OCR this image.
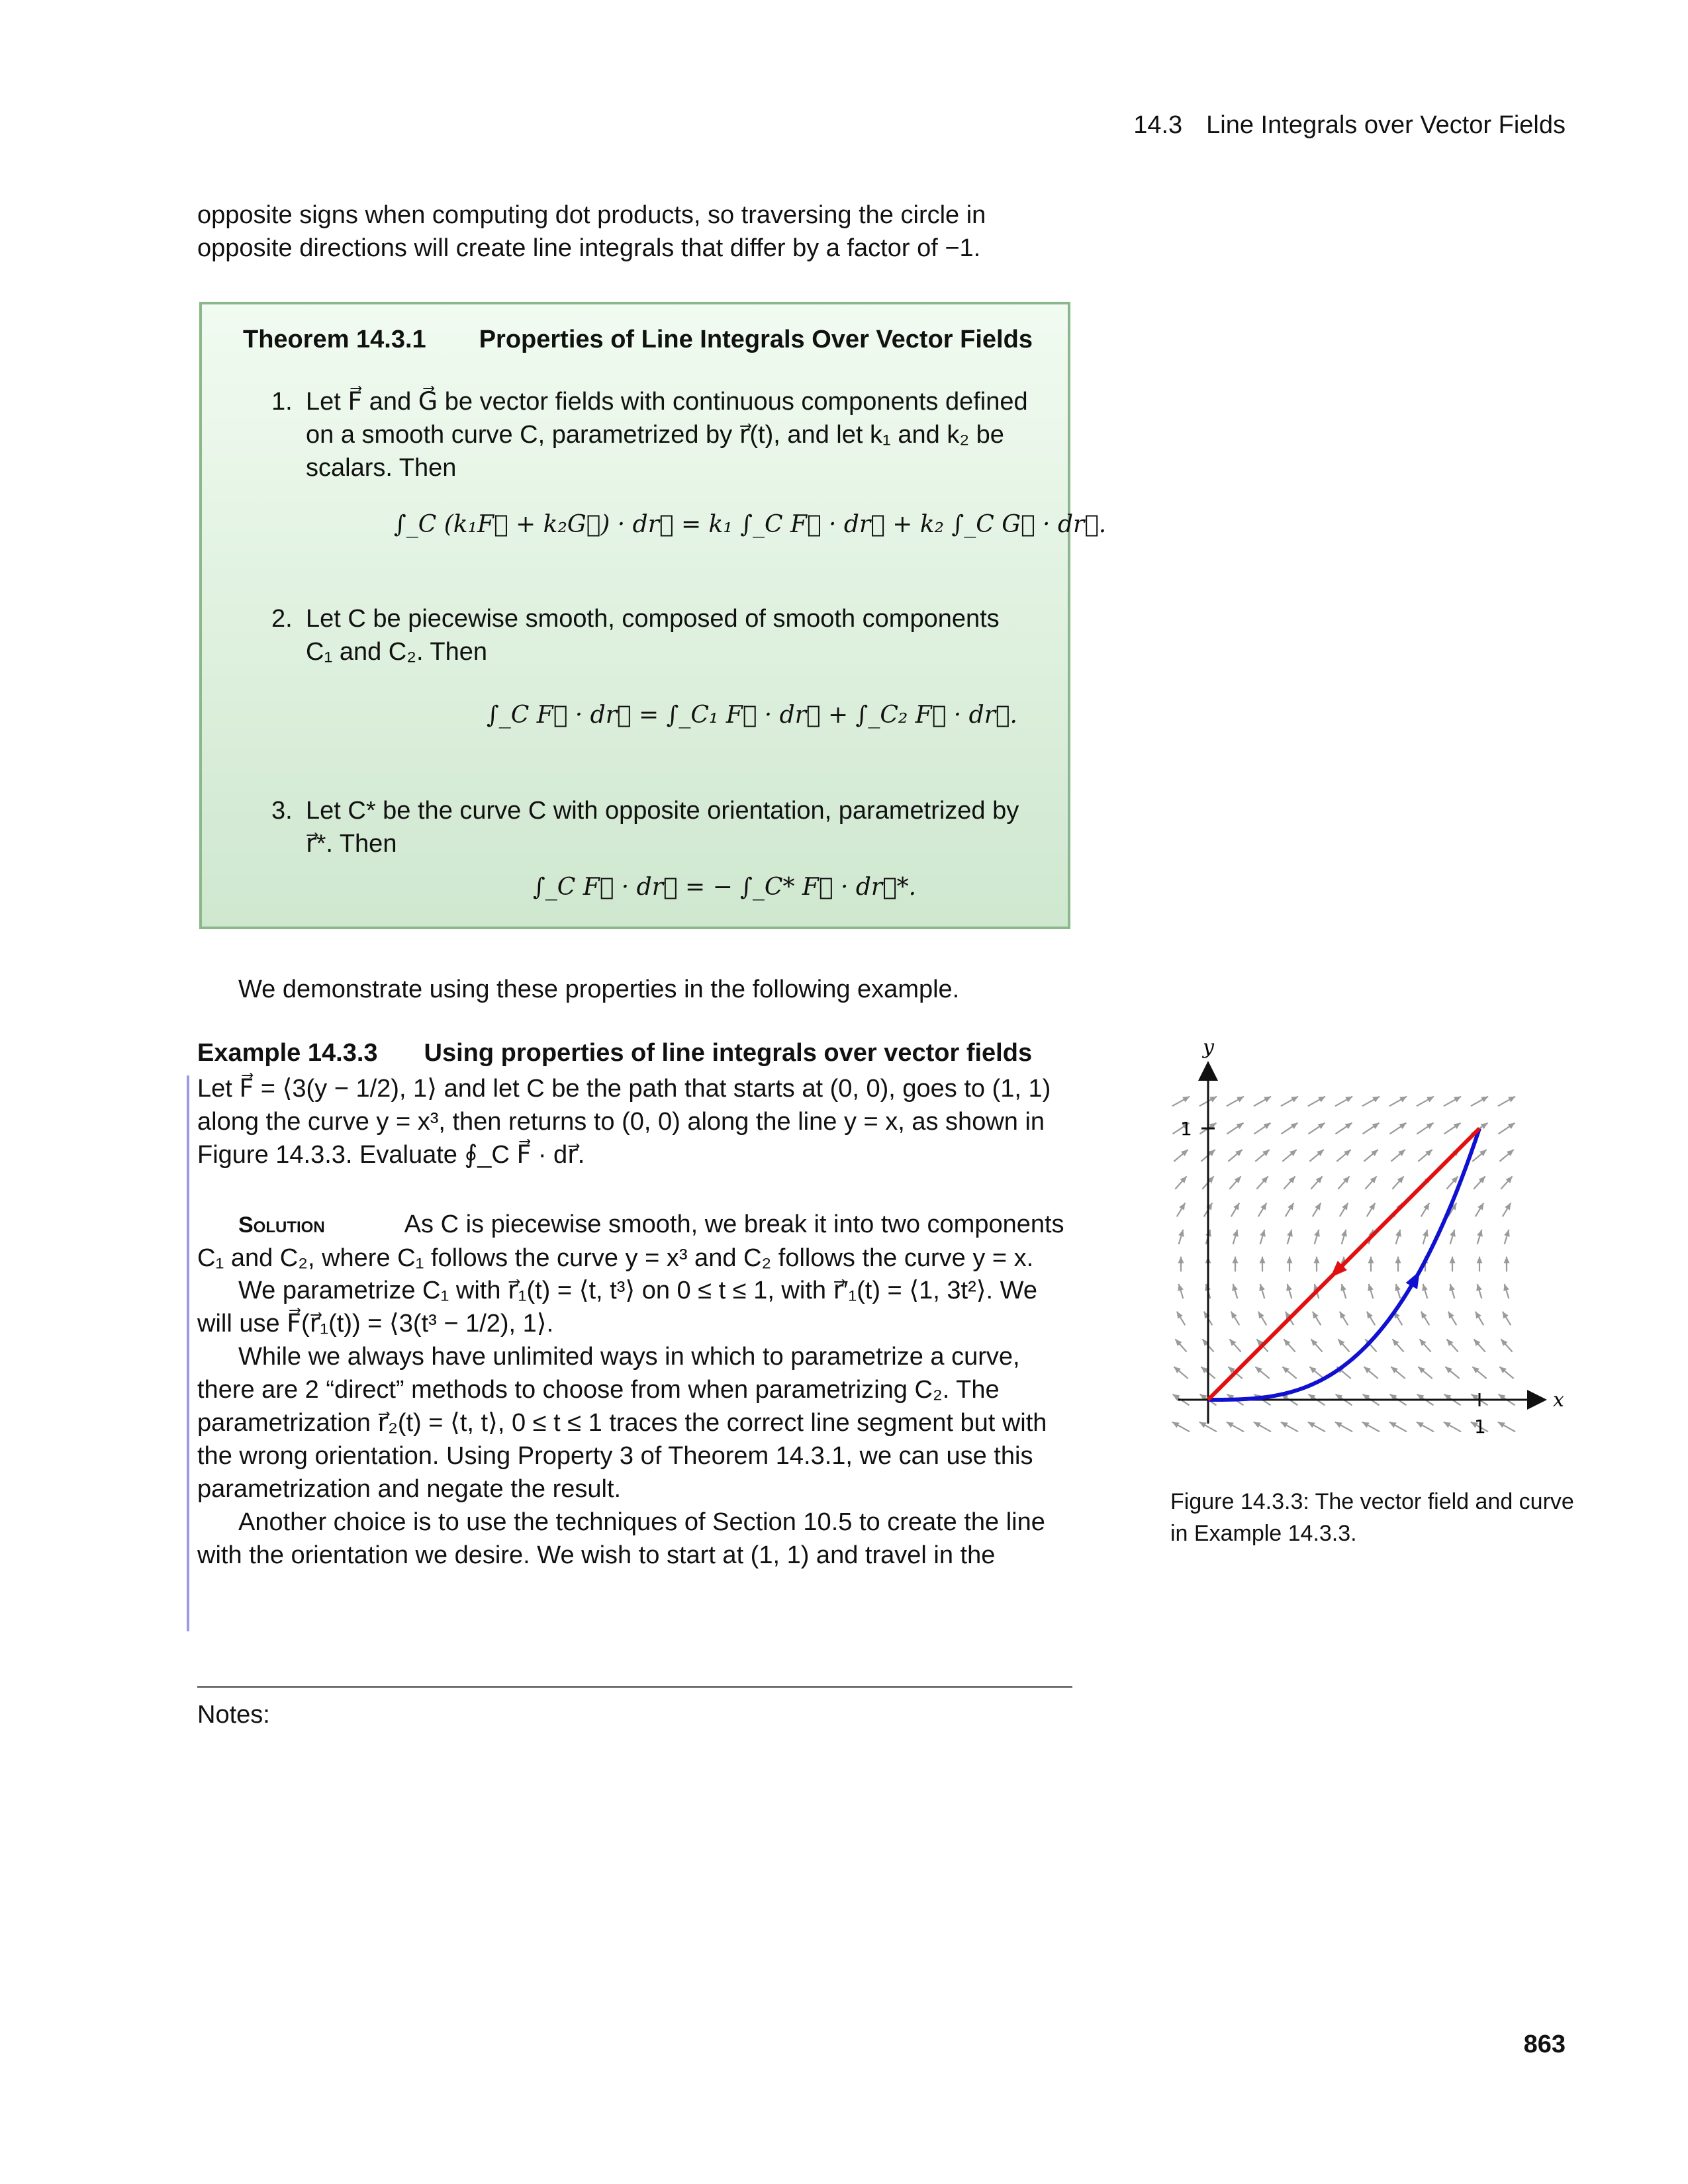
14.3 Line Integrals over Vector Fields
opposite signs when computing dot products, so traversing the circle in opposite directions will create line integrals that differ by a factor of −1.
Theorem 14.3.1 Properties of Line Integrals Over Vector Fields
1. Let F⃗ and G⃗ be vector fields with continuous components defined on a smooth curve C, parametrized by r⃗(t), and let k₁ and k₂ be scalars. Then
∫_C (k₁F⃗ + k₂G⃗) · dr⃗ = k₁ ∫_C F⃗ · dr⃗ + k₂ ∫_C G⃗ · dr⃗.
2. Let C be piecewise smooth, composed of smooth components C₁ and C₂. Then
∫_C F⃗ · dr⃗ = ∫_C₁ F⃗ · dr⃗ + ∫_C₂ F⃗ · dr⃗.
3. Let C* be the curve C with opposite orientation, parametrized by r⃗*. Then
∫_C F⃗ · dr⃗ = − ∫_C* F⃗ · dr⃗*.
We demonstrate using these properties in the following example.
Example 14.3.3 Using properties of line integrals over vector fields
Let F⃗ = ⟨3(y − 1/2), 1⟩ and let C be the path that starts at (0, 0), goes to (1, 1) along the curve y = x³, then returns to (0, 0) along the line y = x, as shown in Figure 14.3.3. Evaluate ∮_C F⃗ · dr⃗.
Solution	As C is piecewise smooth, we break it into two components C₁ and C₂, where C₁ follows the curve y = x³ and C₂ follows the curve y = x.
We parametrize C₁ with r⃗₁(t) = ⟨t, t³⟩ on 0 ≤ t ≤ 1, with r⃗′₁(t) = ⟨1, 3t²⟩. We will use F⃗(r⃗₁(t)) = ⟨3(t³ − 1/2), 1⟩.
While we always have unlimited ways in which to parametrize a curve, there are 2 “direct” methods to choose from when parametrizing C₂. The parametrization r⃗₂(t) = ⟨t, t⟩, 0 ≤ t ≤ 1 traces the correct line segment but with the wrong orientation. Using Property 3 of Theorem 14.3.1, we can use this parametrization and negate the result.
Another choice is to use the techniques of Section 10.5 to create the line with the orientation we desire. We wish to start at (1, 1) and travel in the
x
y
1
1
Figure 14.3.3: The vector field and curve in Example 14.3.3.
Notes:
863
